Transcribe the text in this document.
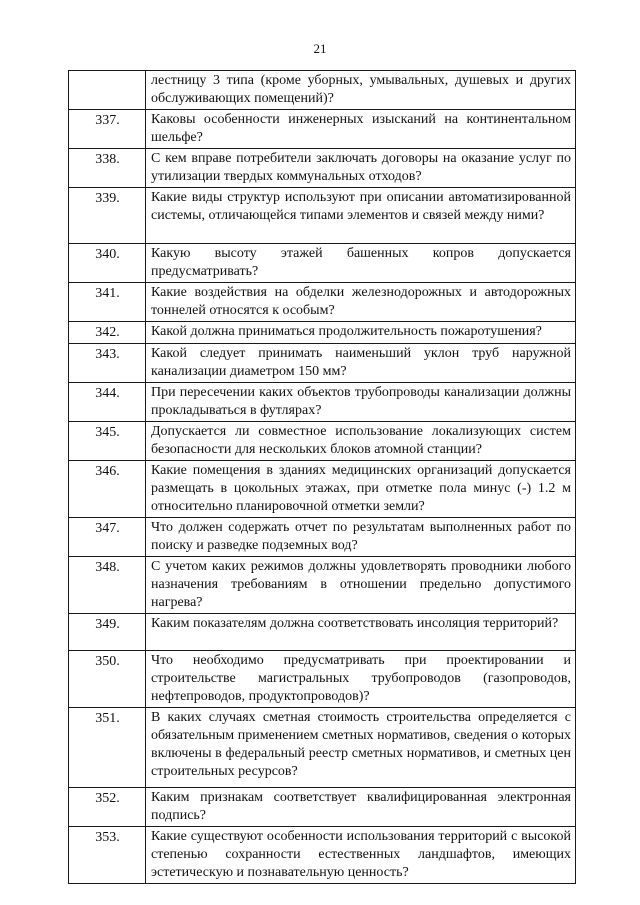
21
	лестницу 3 типа (кроме уборных, умывальных, душевых и других обслуживающих помещений)?
337.	Каковы особенности инженерных изысканий на континентальном шельфе?
338.	С кем вправе потребители заключать договоры на оказание услуг по утилизации твердых коммунальных отходов?
339.	Какие виды структур используют при описании автоматизированной системы, отличающейся типами элементов и связей между ними?
340.	Какую высоту этажей башенных копров допускается предусматривать?
341.	Какие воздействия на обделки железнодорожных и автодорожных тоннелей относятся к особым?
342.	Какой должна приниматься продолжительность пожаротушения?
343.	Какой следует принимать наименьший уклон труб наружной канализации диаметром 150 мм?
344.	При пересечении каких объектов трубопроводы канализации должны прокладываться в футлярах?
345.	Допускается ли совместное использование локализующих систем безопасности для нескольких блоков атомной станции?
346.	Какие помещения в зданиях медицинских организаций допускается размещать в цокольных этажах, при отметке пола минус (-) 1.2 м относительно планировочной отметки земли?
347.	Что должен содержать отчет по результатам выполненных работ по поиску и разведке подземных вод?
348.	С учетом каких режимов должны удовлетворять проводники любого назначения требованиям в отношении предельно допустимого нагрева?
349.	Каким показателям должна соответствовать инсоляция территорий?
350.	Что необходимо предусматривать при проектировании и строительстве магистральных трубопроводов (газопроводов, нефтепроводов, продуктопроводов)?
351.	В каких случаях сметная стоимость строительства определяется с обязательным применением сметных нормативов, сведения о которых включены в федеральный реестр сметных нормативов, и сметных цен строительных ресурсов?
352.	Каким признакам соответствует квалифицированная электронная подпись?
353.	Какие существуют особенности использования территорий с высокой степенью сохранности естественных ландшафтов, имеющих эстетическую и познавательную ценность?
